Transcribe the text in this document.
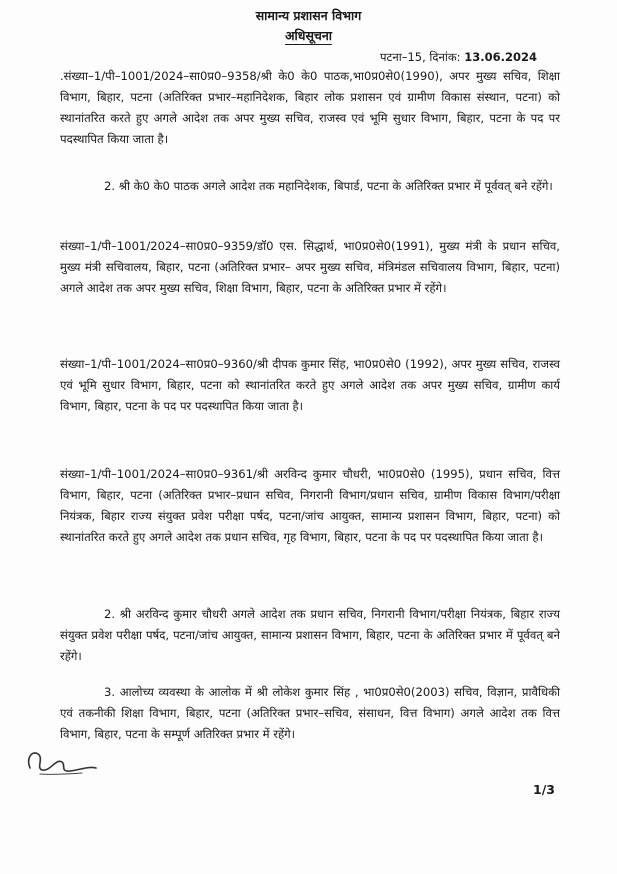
सामान्य प्रशासन विभाग
अधिसूचना
पटना–15, दिनांक: 13.06.2024
.संख्या–1/पी–1001/2024–सा0प्र0–9358/श्री के0 के0 पाठक,भा0प्र0से0(1990), अपर मुख्य सचिव, शिक्षा विभाग, बिहार, पटना (अतिरिक्त प्रभार–महानिदेशक, बिहार लोक प्रशासन एवं ग्रामीण विकास संस्थान, पटना) को स्थानांतरित करते हुए अगले आदेश तक अपर मुख्य सचिव, राजस्व एवं भूमि सुधार विभाग, बिहार, पटना के पद पर पदस्थापित किया जाता है।
2. श्री के0 के0 पाठक अगले आदेश तक महानिदेशक, बिपार्ड, पटना के अतिरिक्त प्रभार में पूर्ववत् बने रहेंगे।
संख्या–1/पी–1001/2024–सा0प्र0–9359/डॉ0 एस. सिद्धार्थ, भा0प्र0से0(1991), मुख्य मंत्री के प्रधान सचिव, मुख्य मंत्री सचिवालय, बिहार, पटना (अतिरिक्त प्रभार– अपर मुख्य सचिव, मंत्रिमंडल सचिवालय विभाग, बिहार, पटना) अगले आदेश तक अपर मुख्य सचिव, शिक्षा विभाग, बिहार, पटना के अतिरिक्त प्रभार में रहेंगे।
संख्या–1/पी–1001/2024–सा0प्र0–9360/श्री दीपक कुमार सिंह, भा0प्र0से0 (1992), अपर मुख्य सचिव, राजस्व एवं भूमि सुधार विभाग, बिहार, पटना को स्थानांतरित करते हुए अगले आदेश तक अपर मुख्य सचिव, ग्रामीण कार्य विभाग, बिहार, पटना के पद पर पदस्थापित किया जाता है।
संख्या–1/पी–1001/2024–सा0प्र0–9361/श्री अरविन्द कुमार चौधरी, भा0प्र0से0 (1995), प्रधान सचिव, वित्त विभाग, बिहार, पटना (अतिरिक्त प्रभार–प्रधान सचिव, निगरानी विभाग/प्रधान सचिव, ग्रामीण विकास विभाग/परीक्षा नियंत्रक, बिहार राज्य संयुक्त प्रवेश परीक्षा पर्षद, पटना/जांच आयुक्त, सामान्य प्रशासन विभाग, बिहार, पटना) को स्थानांतरित करते हुए अगले आदेश तक प्रधान सचिव, गृह विभाग, बिहार, पटना के पद पर पदस्थापित किया जाता है।
2. श्री अरविन्द कुमार चौधरी अगले आदेश तक प्रधान सचिव, निगरानी विभाग/परीक्षा नियंत्रक, बिहार राज्य संयुक्त प्रवेश परीक्षा पर्षद, पटना/जांच आयुक्त, सामान्य प्रशासन विभाग, बिहार, पटना के अतिरिक्त प्रभार में पूर्ववत् बने रहेंगे।
3. आलोच्य व्यवस्था के आलोक में श्री लोकेश कुमार सिंह , भा0प्र0से0(2003) सचिव, विज्ञान, प्रावैधिकी एवं तकनीकी शिक्षा विभाग, बिहार, पटना (अतिरिक्त प्रभार–सचिव, संसाधन, वित्त विभाग) अगले आदेश तक वित्त विभाग, बिहार, पटना के सम्पूर्ण अतिरिक्त प्रभार में रहेंगे।
1/3
